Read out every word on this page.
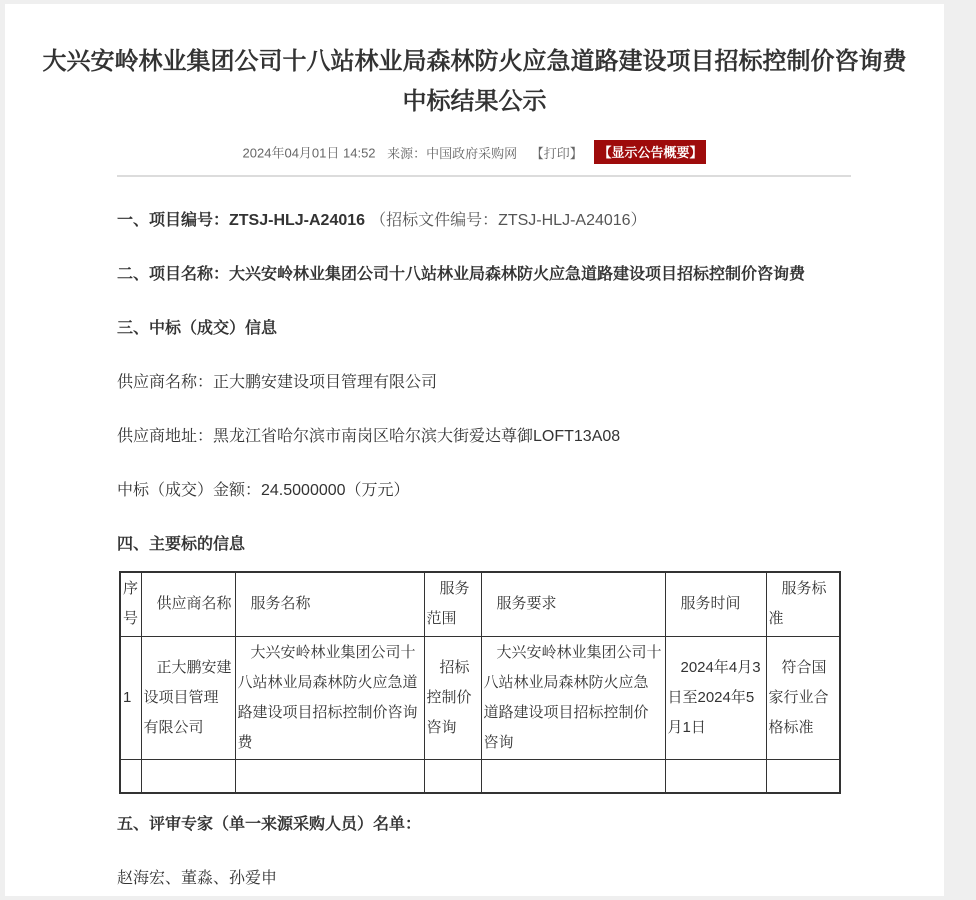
大兴安岭林业集团公司十八站林业局森林防火应急道路建设项目招标控制价咨询费中标结果公示
2024年04月01日 14:52 来源：中国政府采购网 【打印】 【显示公告概要】

一、项目编号：ZTSJ-HLJ-A24016 （招标文件编号：ZTSJ-HLJ-A24016）

二、项目名称：大兴安岭林业集团公司十八站林业局森林防火应急道路建设项目招标控制价咨询费

三、中标（成交）信息

供应商名称：正大鹏安建设项目管理有限公司

供应商地址：黑龙江省哈尔滨市南岗区哈尔滨大街爱达尊御LOFT13A08

中标（成交）金额：24.5000000（万元）

四、主要标的信息

序号	供应商名称	服务名称	服务范围	服务要求	服务时间	服务标准
1	正大鹏安建设项目管理有限公司	大兴安岭林业集团公司十八站林业局森林防火应急道路建设项目招标控制价咨询费	招标控制价咨询	大兴安岭林业集团公司十八站林业局森林防火应急道路建设项目招标控制价咨询	2024年4月3日至2024年5月1日	符合国家行业合格标准

五、评审专家（单一来源采购人员）名单：

赵海宏、董淼、孙爱申
